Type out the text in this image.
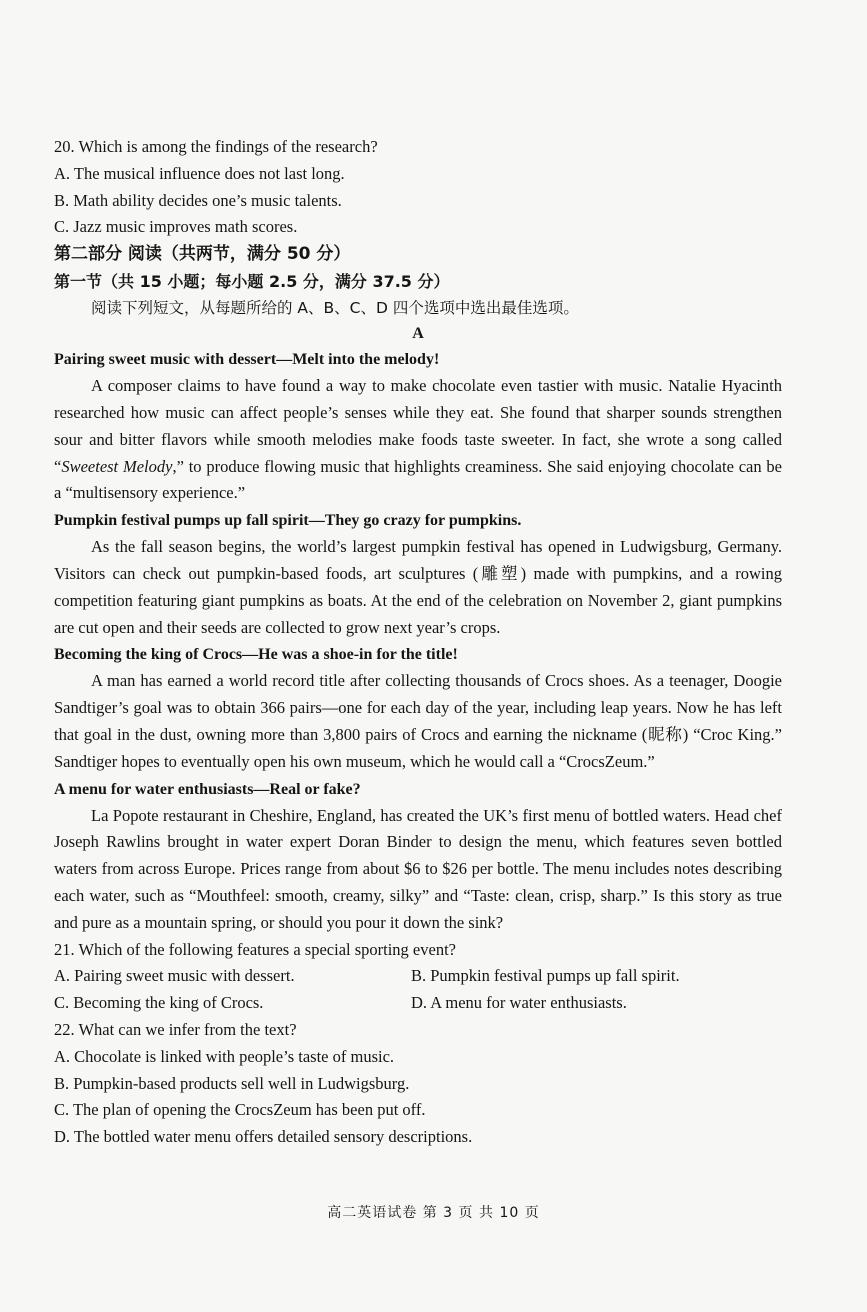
20. Which is among the findings of the research?

A. The musical influence does not last long.

B. Math ability decides one’s music talents.

C. Jazz music improves math scores.

第二部分 阅读（共两节，满分 50 分）

第一节（共 15 小题；每小题 2.5 分，满分 37.5 分）

阅读下列短文，从每题所给的 A、B、C、D 四个选项中选出最佳选项。

A

Pairing sweet music with dessert—Melt into the melody!

A composer claims to have found a way to make chocolate even tastier with music. Natalie Hyacinth researched how music can affect people’s senses while they eat. She found that sharper sounds strengthen sour and bitter flavors while smooth melodies make foods taste sweeter. In fact, she wrote a song called “Sweetest Melody,” to produce flowing music that highlights creaminess. She said enjoying chocolate can be a “multisensory experience.”

Pumpkin festival pumps up fall spirit—They go crazy for pumpkins.

As the fall season begins, the world’s largest pumpkin festival has opened in Ludwigsburg, Germany. Visitors can check out pumpkin-based foods, art sculptures (雕塑) made with pumpkins, and a rowing competition featuring giant pumpkins as boats. At the end of the celebration on November 2, giant pumpkins are cut open and their seeds are collected to grow next year’s crops.

Becoming the king of Crocs—He was a shoe-in for the title!

A man has earned a world record title after collecting thousands of Crocs shoes. As a teenager, Doogie Sandtiger’s goal was to obtain 366 pairs—one for each day of the year, including leap years. Now he has left that goal in the dust, owning more than 3,800 pairs of Crocs and earning the nickname (昵称) “Croc King.” Sandtiger hopes to eventually open his own museum, which he would call a “CrocsZeum.”

A menu for water enthusiasts—Real or fake?

La Popote restaurant in Cheshire, England, has created the UK’s first menu of bottled waters. Head chef Joseph Rawlins brought in water expert Doran Binder to design the menu, which features seven bottled waters from across Europe. Prices range from about $6 to $26 per bottle. The menu includes notes describing each water, such as “Mouthfeel: smooth, creamy, silky” and “Taste: clean, crisp, sharp.” Is this story as true and pure as a mountain spring, or should you pour it down the sink?

21. Which of the following features a special sporting event?

A. Pairing sweet music with dessert.	B. Pumpkin festival pumps up fall spirit.
C. Becoming the king of Crocs.	D. A menu for water enthusiasts.

22. What can we infer from the text?

A. Chocolate is linked with people’s taste of music.

B. Pumpkin-based products sell well in Ludwigsburg.

C. The plan of opening the CrocsZeum has been put off.

D. The bottled water menu offers detailed sensory descriptions.

高二英语试卷 第 3 页 共 10 页
